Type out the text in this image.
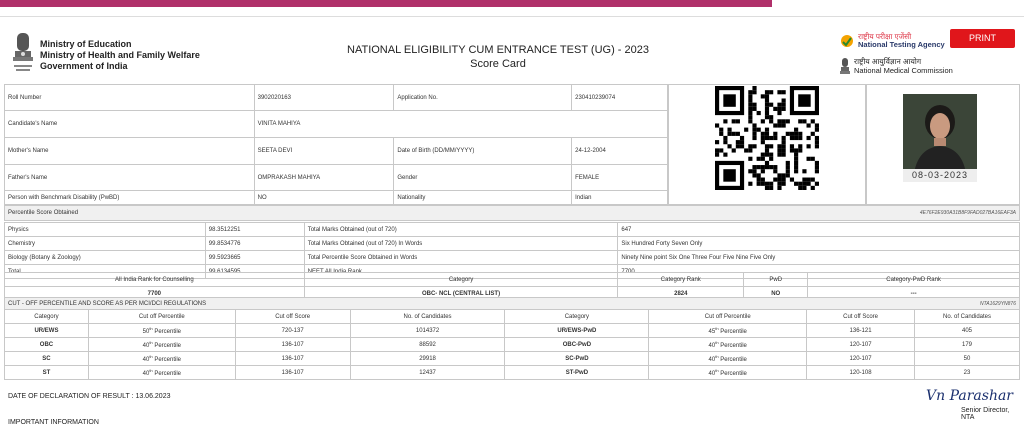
Ministry of Education
Ministry of Health and Family Welfare
Government of India
NATIONAL ELIGIBILITY CUM ENTRANCE TEST (UG) - 2023
Score Card
राष्ट्रीय परीक्षा एजेंसी
National Testing Agency
राष्ट्रीय आयुर्विज्ञान आयोग
National Medical Commission
PRINT
Roll Number	3902020163	Application No.	230410239074
Candidate's Name	VINITA MAHIYA		
Mother's Name	SEETA DEVI	Date of Birth (DD/MM/YYYY)	24-12-2004
Father's Name	OMPRAKASH MAHIYA	Gender	FEMALE
Person with Benchmark Disability (PwBD)	NO	Nationality	Indian
08-03-2023
Percentile Score Obtained	4E76F2E930A31B8F9FAD027BA16EAF3A
Physics	98.3512251	Total Marks Obtained (out of 720)	647
Chemistry	99.8534776	Total Marks Obtained (out of 720) In Words	Six Hundred Forty Seven Only
Biology (Botany & Zoology)	99.5923665	Total Percentile Score Obtained in Words	Ninety Nine point Six One Three Four Five Nine Five Only
Total	99.6134595	NEET All India Rank	7700
All India Rank for Counselling	Category	Category Rank	PwD	Category-PwD Rank
7700	OBC- NCL (CENTRAL LIST)	2824	NO	---
CUT - OFF PERCENTILE AND SCORE AS PER MCI/DCI REGULATIONS	NTA1629YN876
Category	Cut off Percentile	Cut off Score	No. of Candidates	Category	Cut off Percentile	Cut off Score	No. of Candidates
UR/EWS	50th Percentile	720-137	1014372	UR/EWS-PwD	45th Percentile	136-121	405
OBC	40th Percentile	136-107	88592	OBC-PwD	40th Percentile	120-107	179
SC	40th Percentile	136-107	29918	SC-PwD	40th Percentile	120-107	50
ST	40th Percentile	136-107	12437	ST-PwD	40th Percentile	120-108	23
DATE OF DECLARATION OF RESULT : 13.06.2023
IMPORTANT INFORMATION
Vn Parashar
Senior Director, NTA
